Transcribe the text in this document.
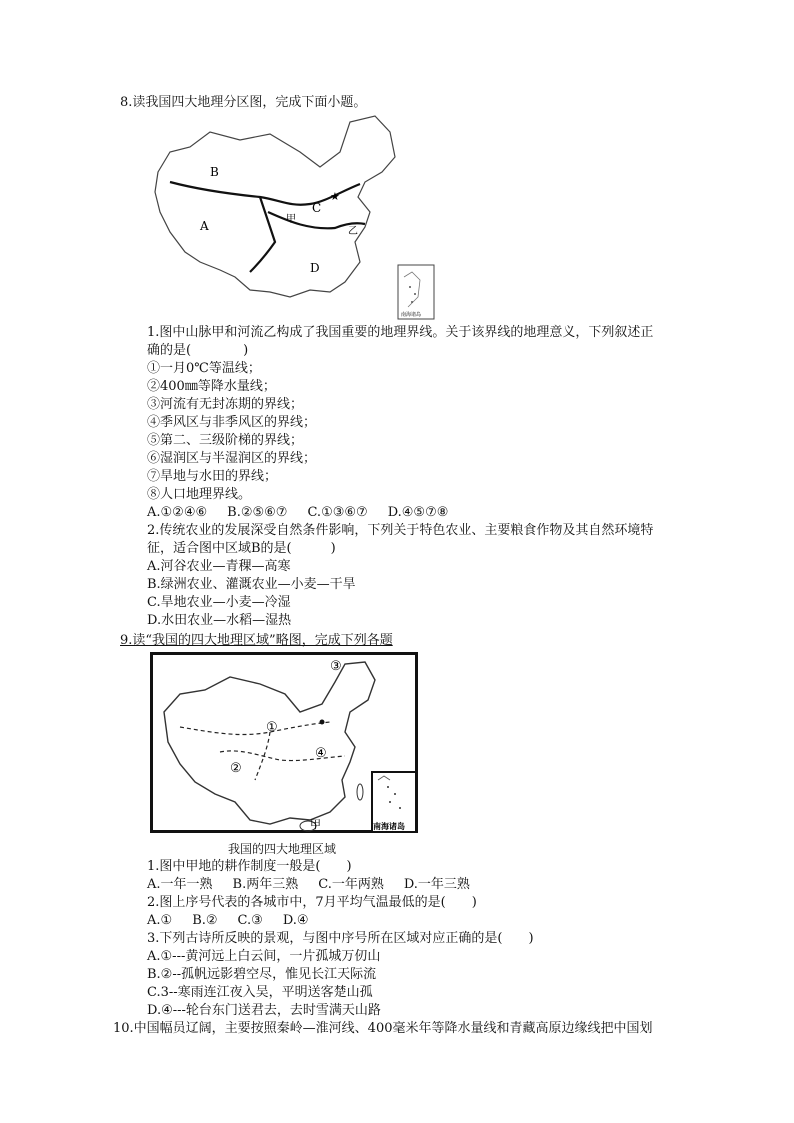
8.读我国四大地理分区图，完成下面小题。
★
B
A
C
D
甲
乙
南海诸岛
1.图中山脉甲和河流乙构成了我国重要的地理界线。关于该界线的地理意义，下列叙述正
确的是(　　　　)
①一月0℃等温线；
②400㎜等降水量线；
③河流有无封冻期的界线；
④季风区与非季风区的界线；
⑤第二、三级阶梯的界线；
⑥湿润区与半湿润区的界线；
⑦旱地与水田的界线；
⑧人口地理界线。
A.①②④⑥ B.②⑤⑥⑦ C.①③⑥⑦ D.④⑤⑦⑧
2.传统农业的发展深受自然条件影响，下列关于特色农业、主要粮食作物及其自然环境特
征，适合图中区域B的是(　　　)
A.河谷农业—青稞—高寒
B.绿洲农业、灌溉农业—小麦—干旱
C.旱地农业—小麦—冷湿
D.水田农业—水稻—湿热
9.读“我国的四大地理区域”略图，完成下列各题
南海诸岛
①
②
③
④
甲
我国的四大地理区域
1.图中甲地的耕作制度一般是(　　)
A.一年一熟 B.两年三熟 C.一年两熟 D.一年三熟
2.图上序号代表的各城市中，7月平均气温最低的是(　　)
A.① B.② C.③ D.④
3.下列古诗所反映的景观，与图中序号所在区域对应正确的是(　　)
A.①---黄河远上白云间，一片孤城万仞山
B.②--孤帆远影碧空尽，惟见长江天际流
C.3--寒雨连江夜入吴，平明送客楚山孤
D.④---轮台东门送君去，去时雪满天山路
10.中国幅员辽阔，主要按照秦岭—淮河线、400毫米年等降水量线和青藏高原边缘线把中国划
